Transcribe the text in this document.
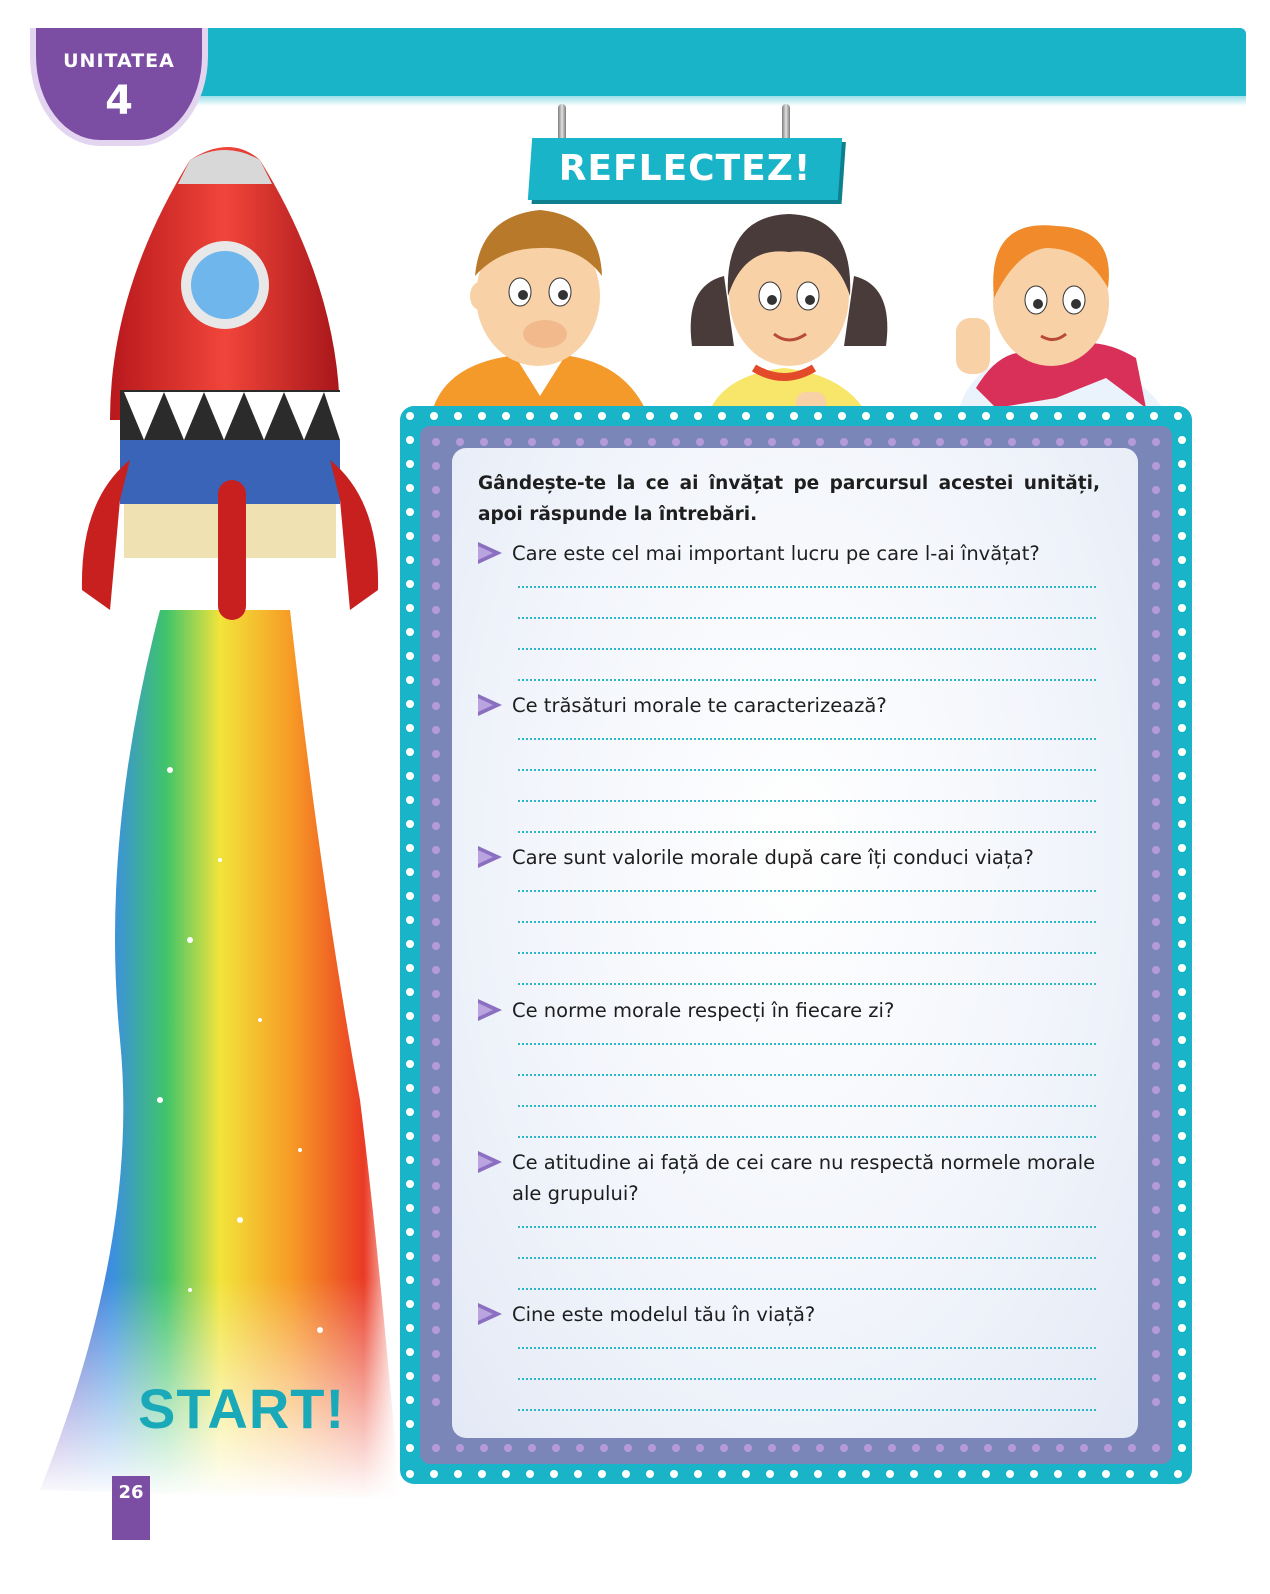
UNITATEA
4
REFLECTEZ!
START!
26
Gândește-te la ce ai învățat pe parcursul acestei unități, apoi răspunde la întrebări.
Care este cel mai important lucru pe care l-ai învățat?
Ce trăsături morale te caracterizează?
Care sunt valorile morale după care îți conduci viața?
Ce norme morale respecți în fiecare zi?
Ce atitudine ai față de cei care nu respectă normele morale ale grupului?
Cine este modelul tău în viață?
